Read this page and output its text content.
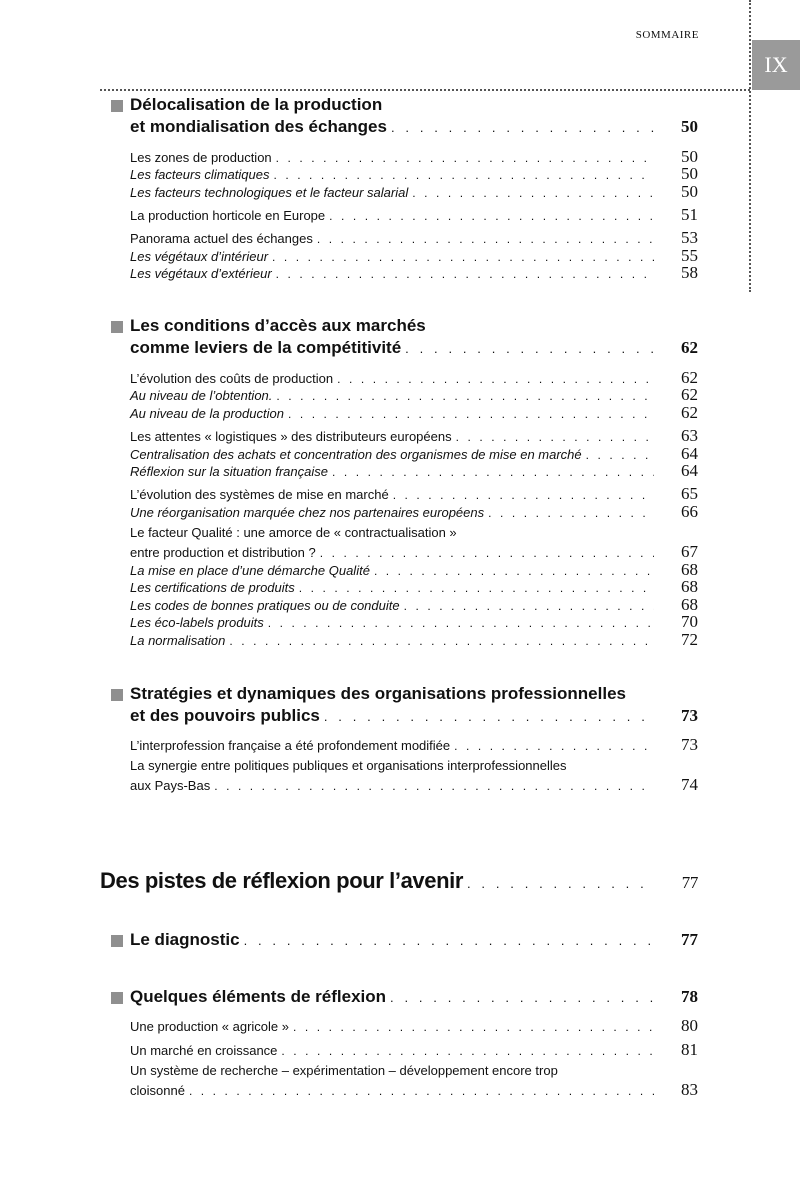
SOMMAIRE
IX
Délocalisation de la production
et mondialisation des échanges . . .	50
Les zones de production . . .	50
Les facteurs climatiques . . .	50
Les facteurs technologiques et le facteur salarial . . .	50
La production horticole en Europe . . .	51
Panorama actuel des échanges . . .	53
Les végétaux d’intérieur . . .	55
Les végétaux d’extérieur . . .	58
Les conditions d’accès aux marchés
comme leviers de la compétitivité . . .	62
L’évolution des coûts de production . . .	62
Au niveau de l’obtention. . . .	62
Au niveau de la production . . .	62
Les attentes « logistiques » des distributeurs européens . . .	63
Centralisation des achats et concentration des organismes de mise en marché . . .	64
Réflexion sur la situation française . . .	64
L’évolution des systèmes de mise en marché . . .	65
Une réorganisation marquée chez nos partenaires européens . . .	66
Le facteur Qualité : une amorce de « contractualisation »
entre production et distribution ? . . .	67
La mise en place d’une démarche Qualité . . .	68
Les certifications de produits . . .	68
Les codes de bonnes pratiques ou de conduite . . .	68
Les éco-labels produits . . .	70
La normalisation . . .	72
Stratégies et dynamiques des organisations professionnelles
et des pouvoirs publics . . .	73
L’interprofession française a été profondement modifiée . . .	73
La synergie entre politiques publiques et organisations interprofessionnelles
aux Pays-Bas . . .	74
Des pistes de réflexion pour l’avenir . . .	77
Le diagnostic . . .	77
Quelques éléments de réflexion . . .	78
Une production « agricole » . . .	80
Un marché en croissance . . .	81
Un système de recherche – expérimentation – développement encore trop
cloisonné . . .	83
